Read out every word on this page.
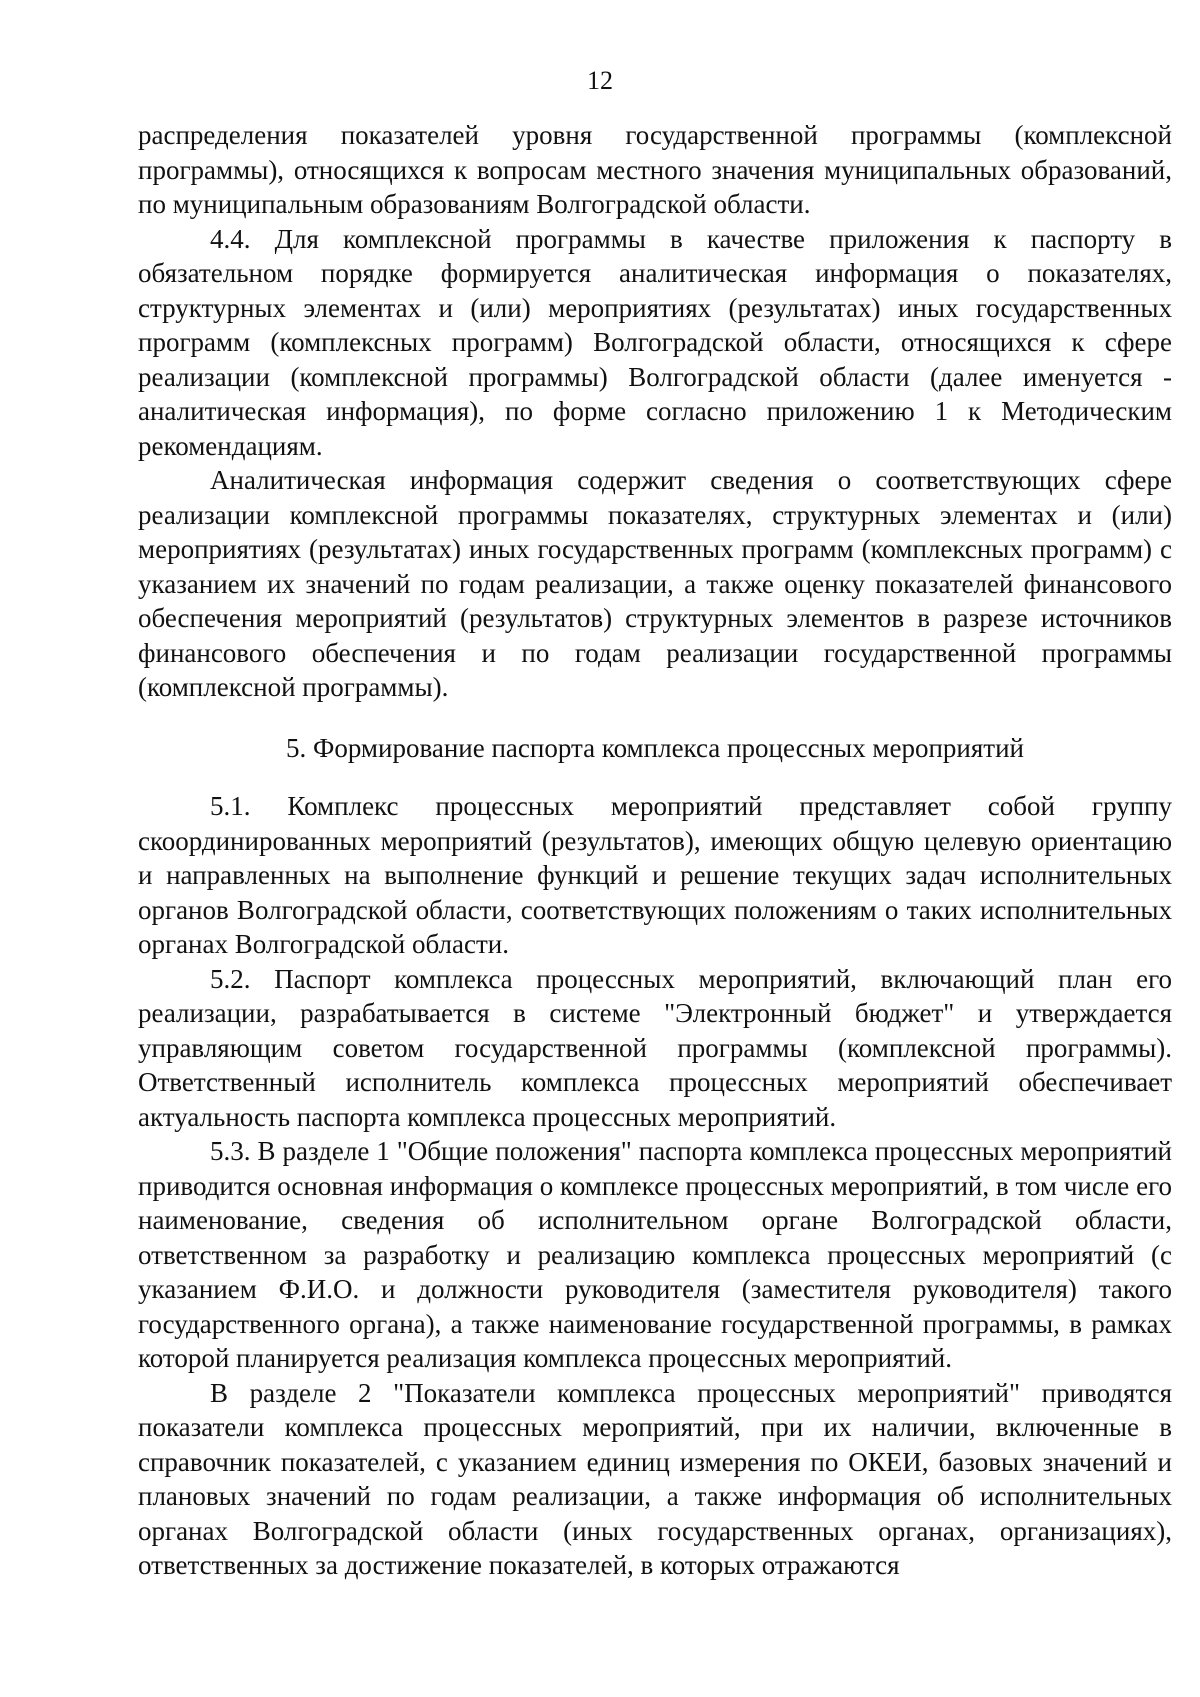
12

распределения показателей уровня государственной программы (комплексной программы), относящихся к вопросам местного значения муниципальных образований, по муниципальным образованиям Волгоградской области.

4.4. Для комплексной программы в качестве приложения к паспорту в обязательном порядке формируется аналитическая информация о показателях, структурных элементах и (или) мероприятиях (результатах) иных государственных программ (комплексных программ) Волгоградской области, относящихся к сфере реализации (комплексной программы) Волгоградской области (далее именуется - аналитическая информация), по форме согласно приложению 1 к Методическим рекомендациям.

Аналитическая информация содержит сведения о соответствующих сфере реализации комплексной программы показателях, структурных элементах и (или) мероприятиях (результатах) иных государственных программ (комплексных программ) с указанием их значений по годам реализации, а также оценку показателей финансового обеспечения мероприятий (результатов) структурных элементов в разрезе источников финансового обеспечения и по годам реализации государственной программы (комплексной программы).

5. Формирование паспорта комплекса процессных мероприятий

5.1. Комплекс процессных мероприятий представляет собой группу скоординированных мероприятий (результатов), имеющих общую целевую ориентацию и направленных на выполнение функций и решение текущих задач исполнительных органов Волгоградской области, соответствующих положениям о таких исполнительных органах Волгоградской области.

5.2. Паспорт комплекса процессных мероприятий, включающий план его реализации, разрабатывается в системе "Электронный бюджет" и утверждается управляющим советом государственной программы (комплексной программы). Ответственный исполнитель комплекса процессных мероприятий обеспечивает актуальность паспорта комплекса процессных мероприятий.

5.3. В разделе 1 "Общие положения" паспорта комплекса процессных мероприятий приводится основная информация о комплексе процессных мероприятий, в том числе его наименование, сведения об исполнительном органе Волгоградской области, ответственном за разработку и реализацию комплекса процессных мероприятий (с указанием Ф.И.О. и должности руководителя (заместителя руководителя) такого государственного органа), а также наименование государственной программы, в рамках которой планируется реализация комплекса процессных мероприятий.

В разделе 2 "Показатели комплекса процессных мероприятий" приводятся показатели комплекса процессных мероприятий, при их наличии, включенные в справочник показателей, с указанием единиц измерения по ОКЕИ, базовых значений и плановых значений по годам реализации, а также информация об исполнительных органах Волгоградской области (иных государственных органах, организациях), ответственных за достижение показателей, в которых отражаются
